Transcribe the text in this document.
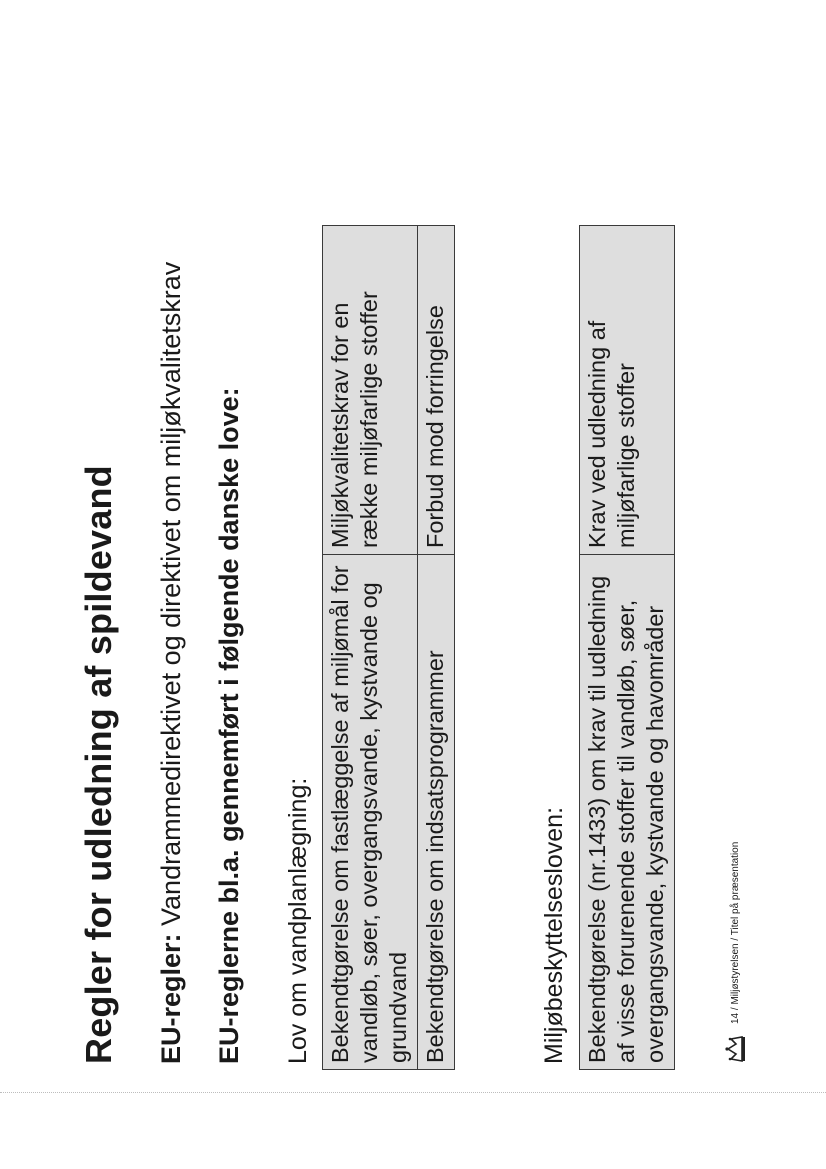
Regler for udledning af spildevand EU-regler: Vandrammedirektivet og direktivet om miljøkvalitetskrav EU-reglerne bl.a. gennemført i følgende danske love: Lov om vandplanlægning: Bekendtgørelse om fastlæggelse af miljømål for vandløb, søer, overgangsvande, kystvande og grundvand	Miljøkvalitetskrav for en række miljøfarlige stoffer
Bekendtgørelse om indsatsprogrammer	Forbud mod forringelse
Miljøbeskyttelsesloven: Bekendtgørelse (nr.1433) om krav til udledning af visse forurenende stoffer til vandløb, søer, overgangsvande, kystvande og havområder	Krav ved udledning af miljøfarlige stoffer
14 / Miljøstyrelsen / Titel på præsentation
